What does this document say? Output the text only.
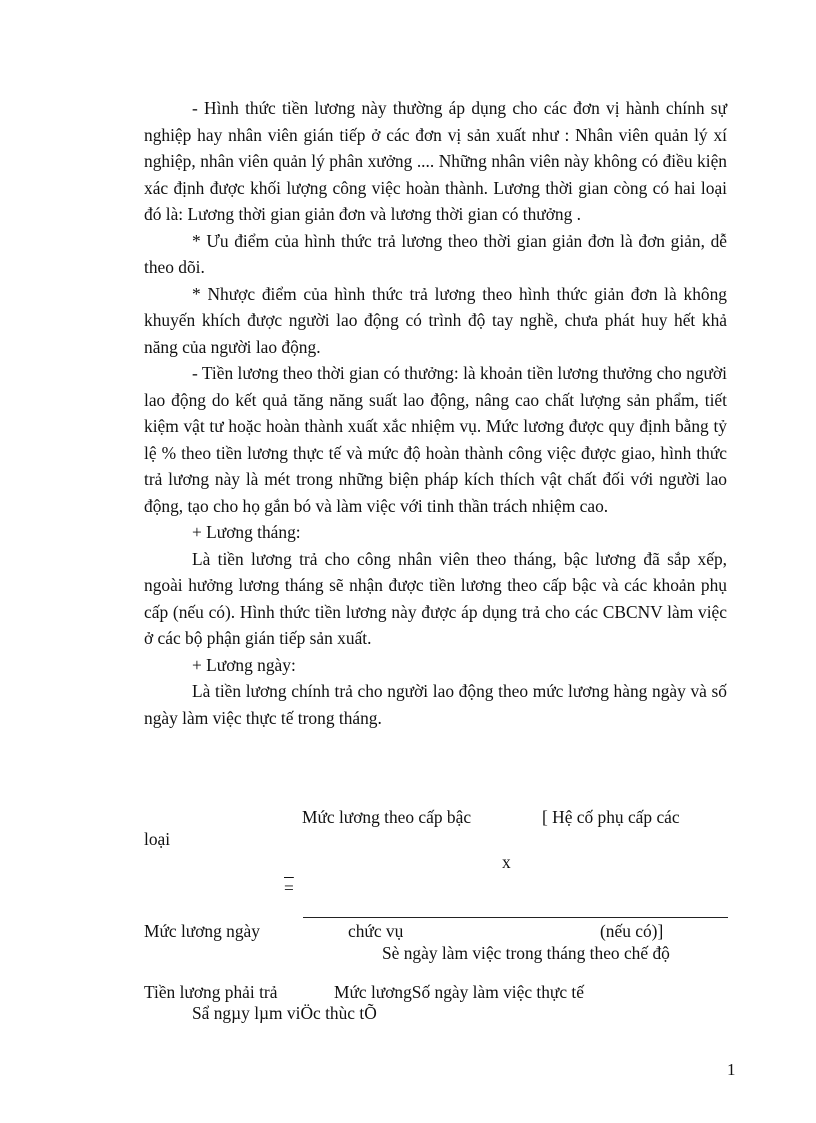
- Hình thức tiền lương này thường áp dụng cho các đơn vị hành chính sự nghiệp hay nhân viên gián tiếp ở các đơn vị sản xuất như : Nhân viên quản lý xí nghiệp, nhân viên quản lý phân xưởng .... Những nhân viên này không có điều kiện xác định được khối lượng công việc hoàn thành. Lương thời gian còng có hai loại đó là: Lương thời gian giản đơn và lương thời gian có thưởng .

* Ưu điểm của hình thức trả lương theo thời gian giản đơn là đơn giản, dễ theo dõi.

* Nhược điểm của hình thức trả lương theo hình thức giản đơn là không khuyến khích được người lao động có trình độ tay nghề, chưa phát huy hết khả năng của người lao động.

- Tiền lương theo thời gian có thưởng: là khoản tiền lương thưởng cho người lao động do kết quả tăng năng suất lao động, nâng cao chất lượng sản phẩm, tiết kiệm vật tư hoặc hoàn thành xuất xắc nhiệm vụ. Mức lương được quy định bằng tỷ lệ % theo tiền lương thực tế và mức độ hoàn thành công việc được giao, hình thức trả lương này là mét trong những biện pháp kích thích vật chất đối với người lao động, tạo cho họ gắn bó và làm việc với tinh thần trách nhiệm cao.

+ Lương tháng:

Là tiền lương trả cho công nhân viên theo tháng, bậc lương đã sắp xếp, ngoài hưởng lương tháng sẽ nhận được tiền lương theo cấp bậc và các khoản phụ cấp (nếu có). Hình thức tiền lương này được áp dụng trả cho các CBCNV làm việc ở các bộ phận gián tiếp sản xuất.

+ Lương ngày:

Là tiền lương chính trả cho người lao động theo mức lương hàng ngày và số ngày làm việc thực tế trong tháng.

Mức lương theo cấp bậc	[ Hệ cố phụ cấp các
loại
x
=
Mức lương ngày	chức vụ	(nếu có)]
Sè ngày làm việc trong tháng theo chế độ
Tiền lương phải trả	Mức lươngSố ngày làm việc thực tế
Sẩ ngµy lµm viÖc thùc tÕ
1
